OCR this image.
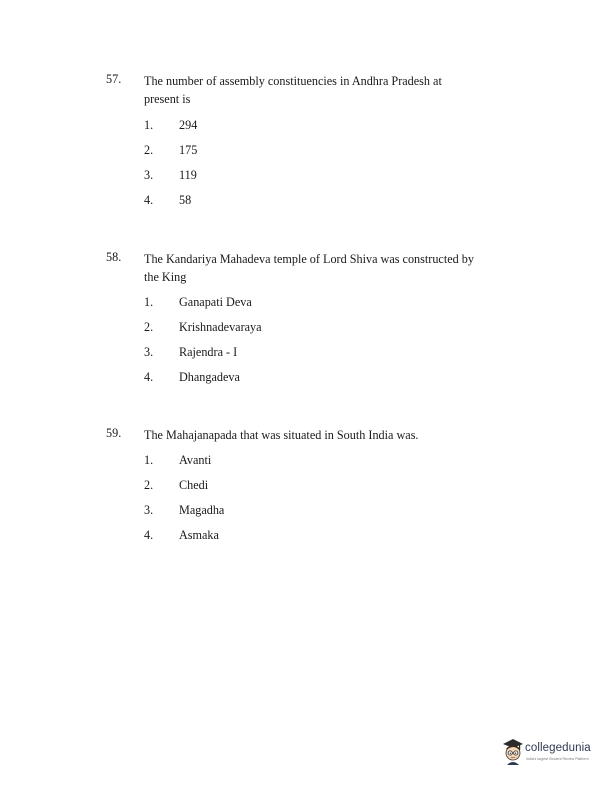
57. The number of assembly constituencies in Andhra Pradesh at present is
1. 294
2. 175
3. 119
4. 58
58. The Kandariya Mahadeva temple of Lord Shiva was constructed by the King
1. Ganapati Deva
2. Krishnadevaraya
3. Rajendra - I
4. Dhangadeva
59. The Mahajanapada that was situated in South India was.
1. Avanti
2. Chedi
3. Magadha
4. Asmaka
collegedunia
India's largest Student Review Platform
